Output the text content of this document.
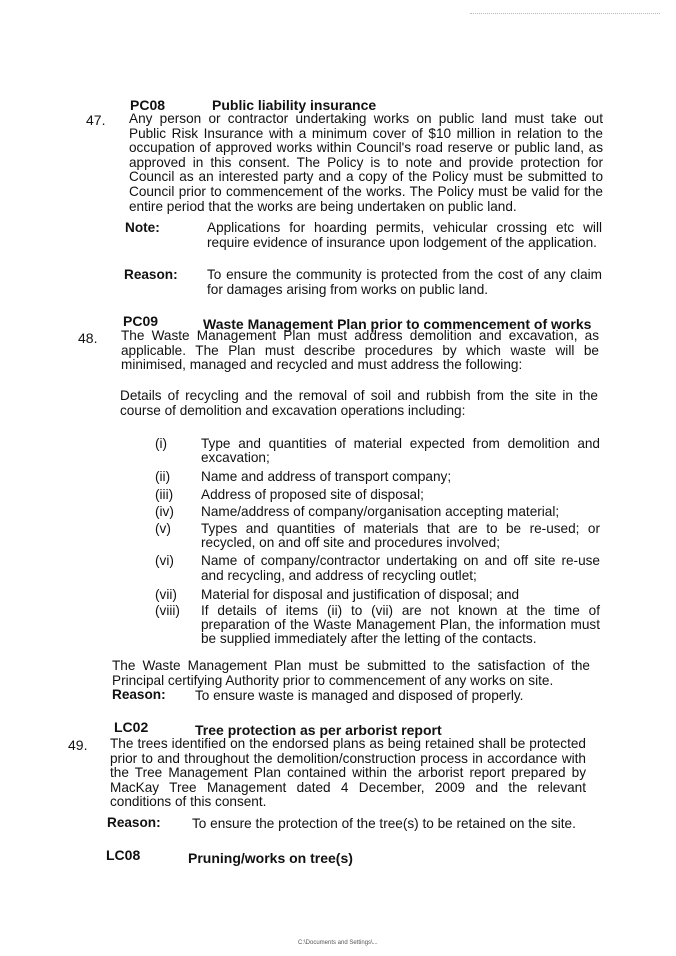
PC08	Public liability insurance
47. Any person or contractor undertaking works on public land must take out Public Risk Insurance with a minimum cover of $10 million in relation to the occupation of approved works within Council's road reserve or public land, as approved in this consent. The Policy is to note and provide protection for Council as an interested party and a copy of the Policy must be submitted to Council prior to commencement of the works. The Policy must be valid for the entire period that the works are being undertaken on public land.
Note:	Applications for hoarding permits, vehicular crossing etc will require evidence of insurance upon lodgement of the application.
Reason: To ensure the community is protected from the cost of any claim for damages arising from works on public land.
PC09	Waste Management Plan prior to commencement of works
48. The Waste Management Plan must address demolition and excavation, as applicable. The Plan must describe procedures by which waste will be minimised, managed and recycled and must address the following:
Details of recycling and the removal of soil and rubbish from the site in the course of demolition and excavation operations including:
(i)	Type and quantities of material expected from demolition and excavation;
(ii)	Name and address of transport company;
(iii)	Address of proposed site of disposal;
(iv)	Name/address of company/organisation accepting material;
(v)	Types and quantities of materials that are to be re-used; or recycled, on and off site and procedures involved;
(vi)	Name of company/contractor undertaking on and off site re-use and recycling, and address of recycling outlet;
(vii)	Material for disposal and justification of disposal; and
(viii)	If details of items (ii) to (vii) are not known at the time of preparation of the Waste Management Plan, the information must be supplied immediately after the letting of the contacts.
The Waste Management Plan must be submitted to the satisfaction of the Principal certifying Authority prior to commencement of any works on site.
Reason: To ensure waste is managed and disposed of properly.
LC02	Tree protection as per arborist report
49. The trees identified on the endorsed plans as being retained shall be protected prior to and throughout the demolition/construction process in accordance with the Tree Management Plan contained within the arborist report prepared by MacKay Tree Management dated 4 December, 2009 and the relevant conditions of this consent.
Reason: To ensure the protection of the tree(s) to be retained on the site.
LC08	Pruning/works on tree(s)
C:\Documents and Settings\...
